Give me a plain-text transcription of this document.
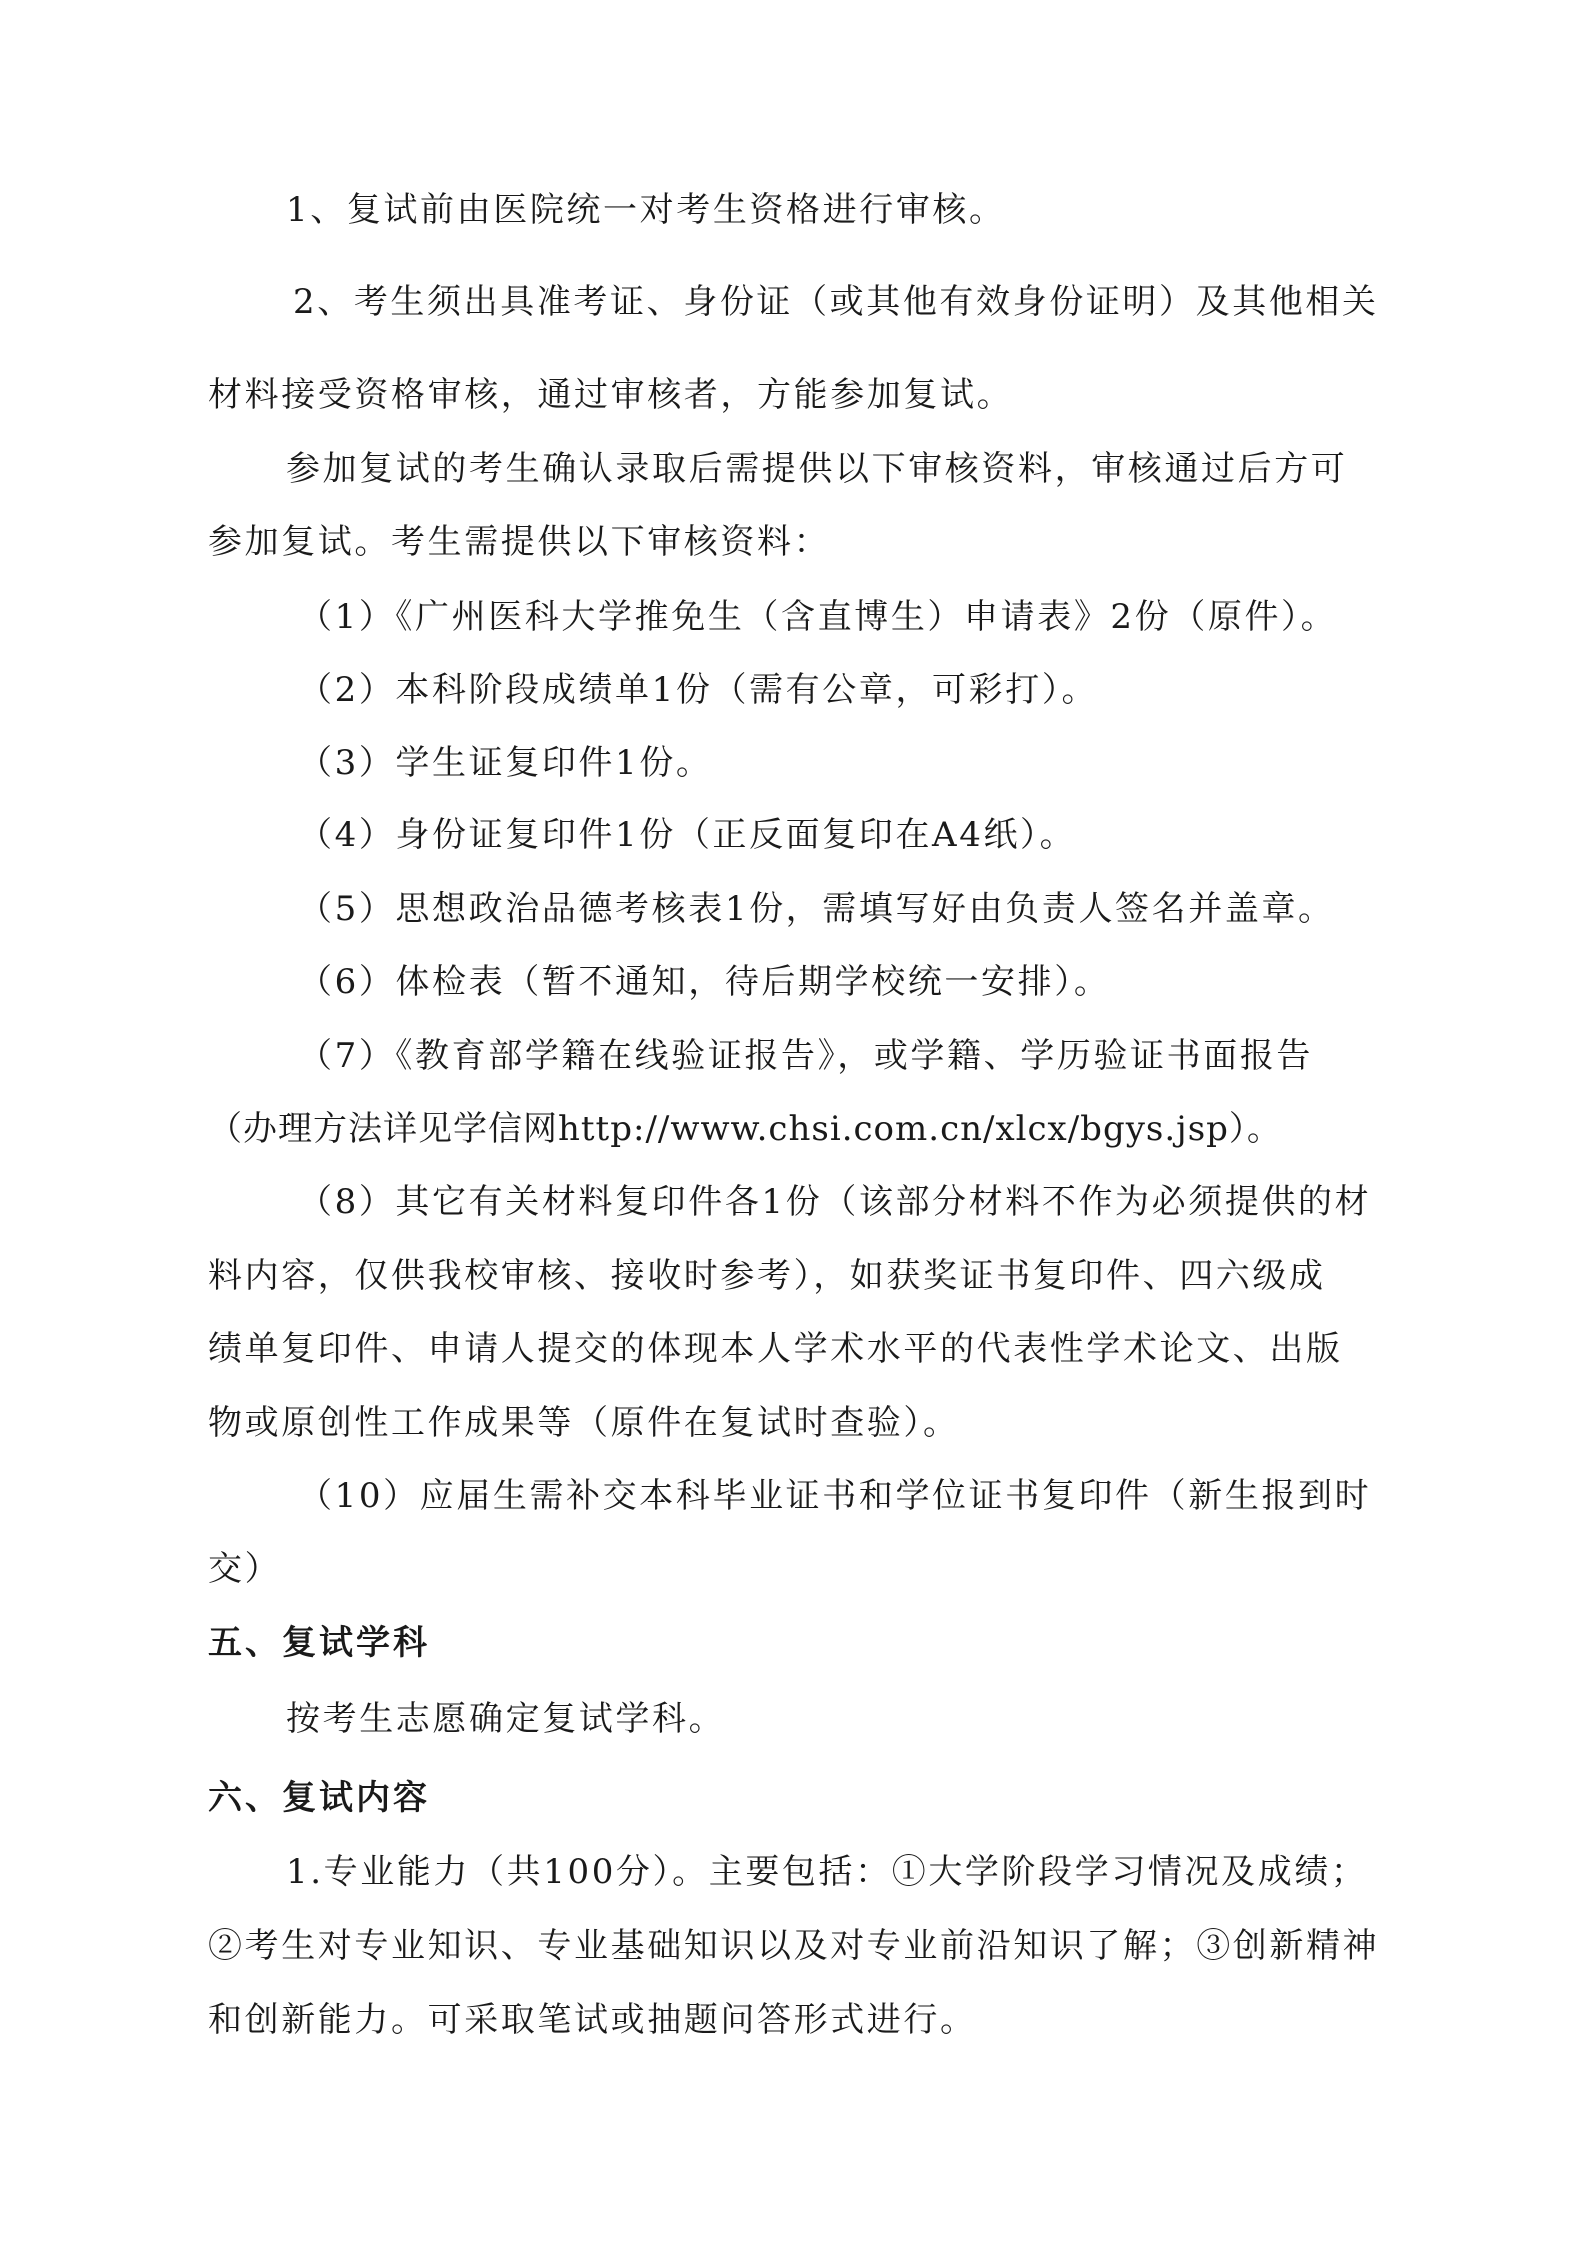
1、复试前由医院统一对考生资格进行审核。
2、考生须出具准考证、身份证（或其他有效身份证明）及其他相关
材料接受资格审核，通过审核者，方能参加复试。
参加复试的考生确认录取后需提供以下审核资料，审核通过后方可
参加复试。考生需提供以下审核资料：
（1）《广州医科大学推免生（含直博生）申请表》2份（原件）。
（2）本科阶段成绩单1份（需有公章，可彩打）。
（3）学生证复印件1份。
（4）身份证复印件1份（正反面复印在A4纸）。
（5）思想政治品德考核表1份，需填写好由负责人签名并盖章。
（6）体检表（暂不通知，待后期学校统一安排）。
（7）《教育部学籍在线验证报告》，或学籍、学历验证书面报告
（办理方法详见学信网http://www.chsi.com.cn/xlcx/bgys.jsp）。
（8）其它有关材料复印件各1份（该部分材料不作为必须提供的材
料内容，仅供我校审核、接收时参考），如获奖证书复印件、四六级成
绩单复印件、申请人提交的体现本人学术水平的代表性学术论文、出版
物或原创性工作成果等（原件在复试时查验）。
（10）应届生需补交本科毕业证书和学位证书复印件（新生报到时
交）
五、复试学科
按考生志愿确定复试学科。
六、复试内容
1.专业能力（共100分）。主要包括：①大学阶段学习情况及成绩；
②考生对专业知识、专业基础知识以及对专业前沿知识了解；③创新精神
和创新能力。可采取笔试或抽题问答形式进行。
